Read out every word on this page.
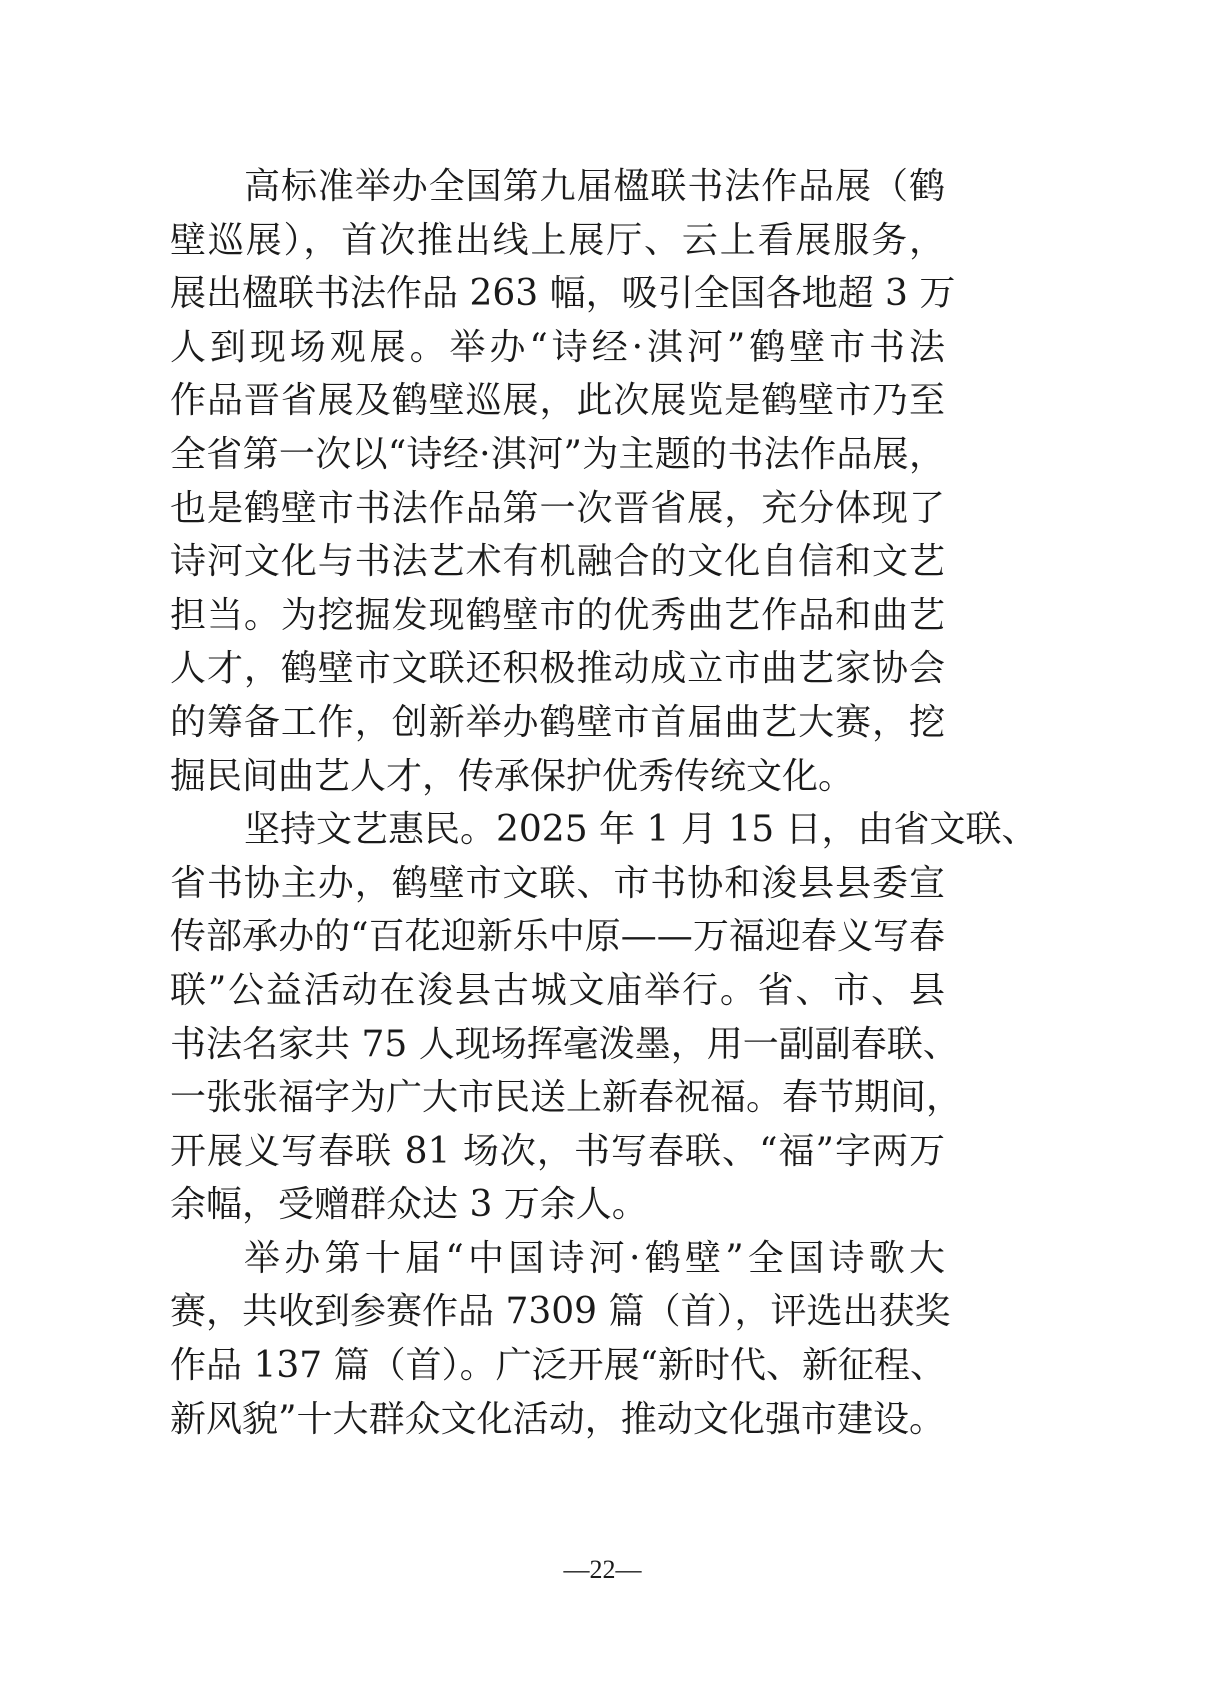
高标准举办全国第九届楹联书法作品展（鹤
壁巡展），首次推出线上展厅、云上看展服务，
展出楹联书法作品 263 幅，吸引全国各地超 3 万
人到现场观展。举办“诗经·淇河”鹤壁市书法
作品晋省展及鹤壁巡展，此次展览是鹤壁市乃至
全省第一次以“诗经·淇河”为主题的书法作品展，
也是鹤壁市书法作品第一次晋省展，充分体现了
诗河文化与书法艺术有机融合的文化自信和文艺
担当。为挖掘发现鹤壁市的优秀曲艺作品和曲艺
人才，鹤壁市文联还积极推动成立市曲艺家协会
的筹备工作，创新举办鹤壁市首届曲艺大赛，挖
掘民间曲艺人才，传承保护优秀传统文化。
坚持文艺惠民。2025 年 1 月 15 日，由省文联、
省书协主办，鹤壁市文联、市书协和浚县县委宣
传部承办的“百花迎新乐中原——万福迎春义写春
联”公益活动在浚县古城文庙举行。省、市、县
书法名家共 75 人现场挥毫泼墨，用一副副春联、
一张张福字为广大市民送上新春祝福。春节期间，
开展义写春联 81 场次，书写春联、“福”字两万
余幅，受赠群众达 3 万余人。
举办第十届“中国诗河·鹤壁”全国诗歌大
赛，共收到参赛作品 7309 篇（首），评选出获奖
作品 137 篇（首）。广泛开展“新时代、新征程、
新风貌”十大群众文化活动，推动文化强市建设。
—22—
